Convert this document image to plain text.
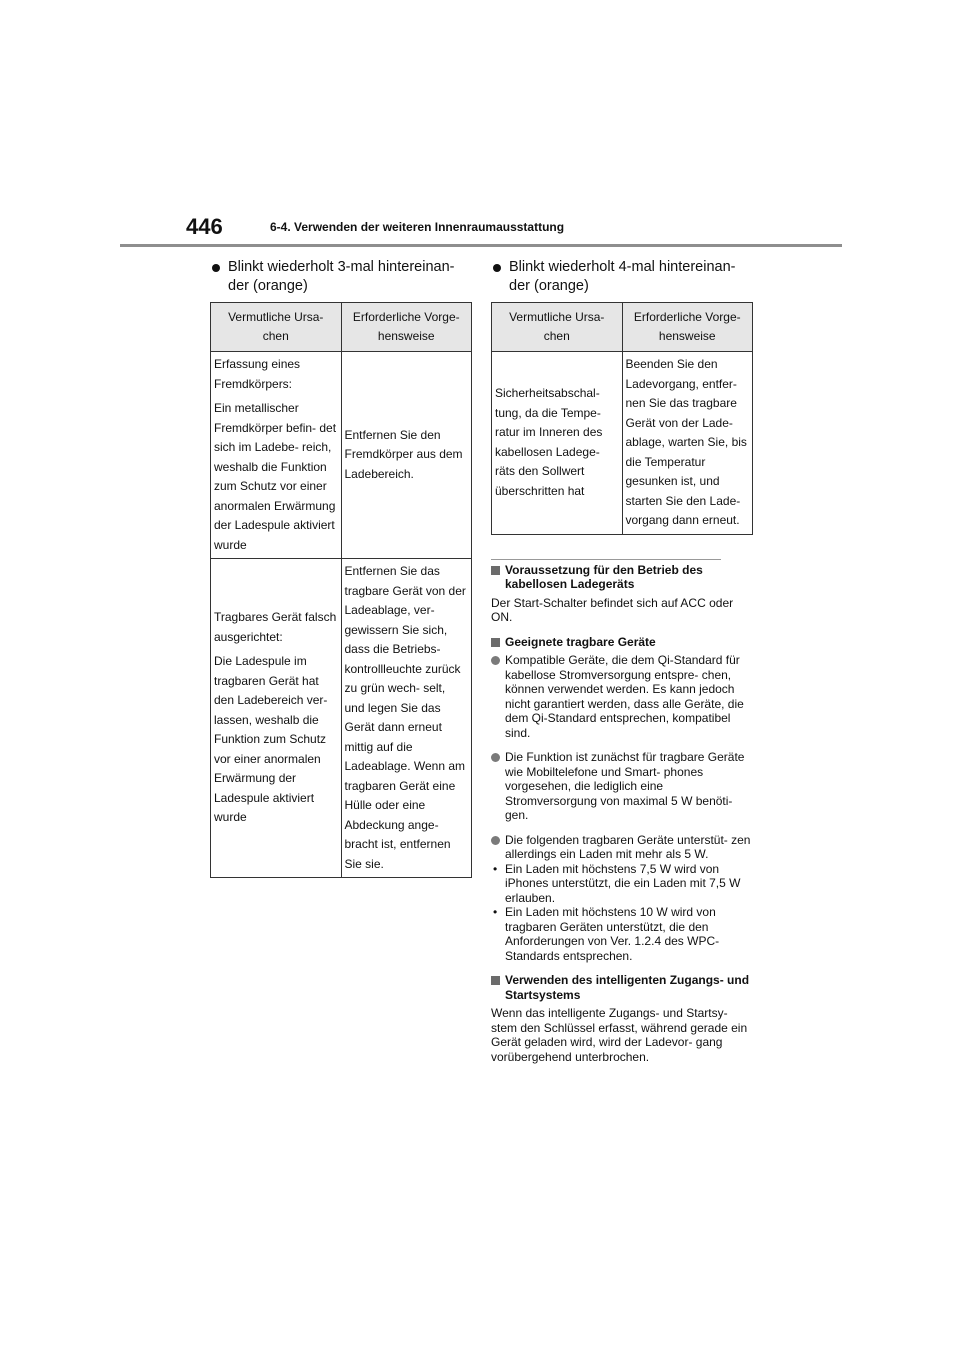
446	6-4. Verwenden der weiteren Innenraumausstattung
Blinkt wiederholt 3-mal hintereinan- der (orange)
Vermutliche Ursa- chen	Erforderliche Vorge- hensweise

Erfassung eines Fremdkörpers:

Ein metallischer Fremdkörper befin- det sich im Ladebe- reich, weshalb die Funktion zum Schutz vor einer anormalen Erwärmung der Ladespule aktiviert wurde	Entfernen Sie den Fremdkörper aus dem Ladebereich.

Tragbares Gerät falsch ausgerichtet:

Die Ladespule im tragbaren Gerät hat den Ladebereich ver- lassen, weshalb die Funktion zum Schutz vor einer anormalen Erwärmung der Ladespule aktiviert wurde	Entfernen Sie das tragbare Gerät von der Ladeablage, ver- gewissern Sie sich, dass die Betriebs- kontrollleuchte zurück zu grün wech- selt, und legen Sie das Gerät dann erneut mittig auf die Ladeablage. Wenn am tragbaren Gerät eine Hülle oder eine Abdeckung ange- bracht ist, entfernen Sie sie.
Blinkt wiederholt 4-mal hintereinan- der (orange)
Vermutliche Ursa- chen	Erforderliche Vorge- hensweise
Sicherheitsabschal- tung, da die Tempe- ratur im Inneren des kabellosen Ladege- räts den Sollwert überschritten hat	Beenden Sie den Ladevorgang, entfer- nen Sie das tragbare Gerät von der Lade- ablage, warten Sie, bis die Temperatur gesunken ist, und starten Sie den Lade- vorgang dann erneut.
Voraussetzung für den Betrieb des kabellosen Ladegeräts

Der Start-Schalter befindet sich auf ACC oder ON.

Geeignete tragbare Geräte
Kompatible Geräte, die dem Qi-Standard für kabellose Stromversorgung entspre- chen, können verwendet werden. Es kann jedoch nicht garantiert werden, dass alle Geräte, die dem Qi-Standard entsprechen, kompatibel sind.
Die Funktion ist zunächst für tragbare Geräte wie Mobiltelefone und Smart- phones vorgesehen, die lediglich eine Stromversorgung von maximal 5 W benöti- gen.
Die folgenden tragbaren Geräte unterstüt- zen allerdings ein Laden mit mehr als 5 W.
• Ein Laden mit höchstens 7,5 W wird von iPhones unterstützt, die ein Laden mit 7,5 W erlauben.
• Ein Laden mit höchstens 10 W wird von tragbaren Geräten unterstützt, die den Anforderungen von Ver. 1.2.4 des WPC- Standards entsprechen.
Verwenden des intelligenten Zugangs- und Startsystems

Wenn das intelligente Zugangs- und Startsy- stem den Schlüssel erfasst, während gerade ein Gerät geladen wird, wird der Ladevor- gang vorübergehend unterbrochen.
